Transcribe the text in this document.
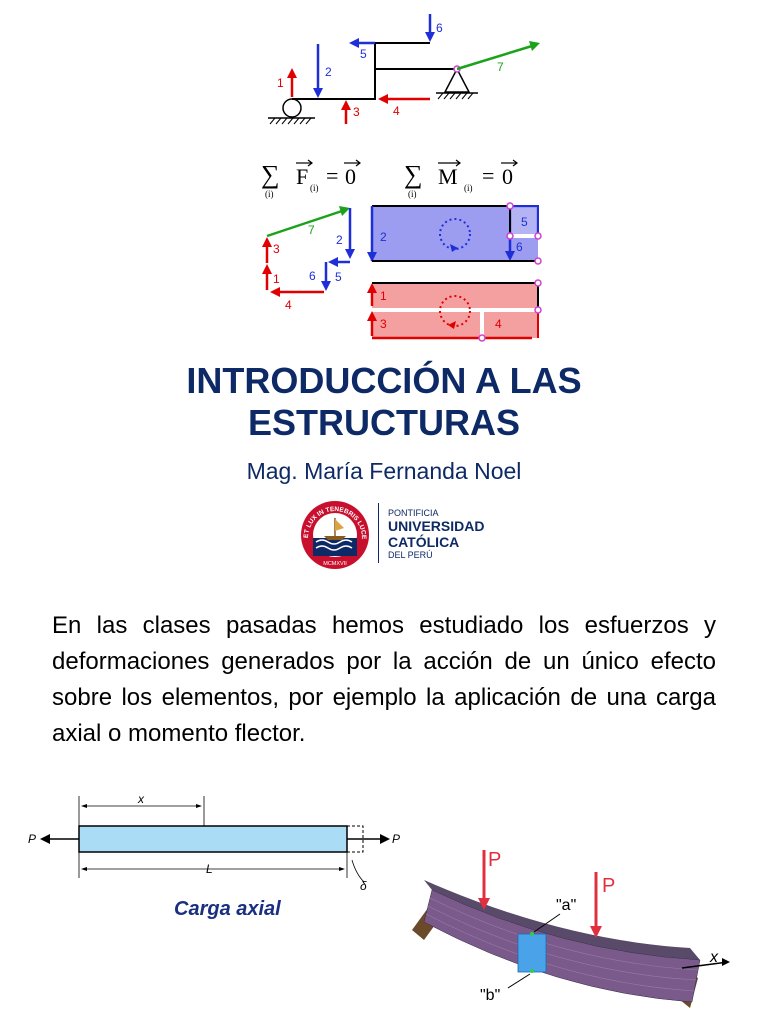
1
2
3	4
5
6
7
∑
(i)
F (i) = 0 ∑
(i)
M (i) = 0
1
2
3
4
5
6
7	2
5
6
1
3	4
INTRODUCCIÓN A LAS
ESTRUCTURAS
Mag. María Fernanda Noel
ET LUX IN TENEBRIS LUCE
MCMXVII
PONTIFICIA
UNIVERSIDAD
CATÓLICA
DEL PERÚ

En las clases pasadas hemos estudiado los esfuerzos y deformaciones generados por la acción de un único efecto sobre los elementos, por ejemplo la aplicación de una carga axial o momento flector.

P	P
x
L
δ
Carga axial
P
P
"a"
"b"
x
